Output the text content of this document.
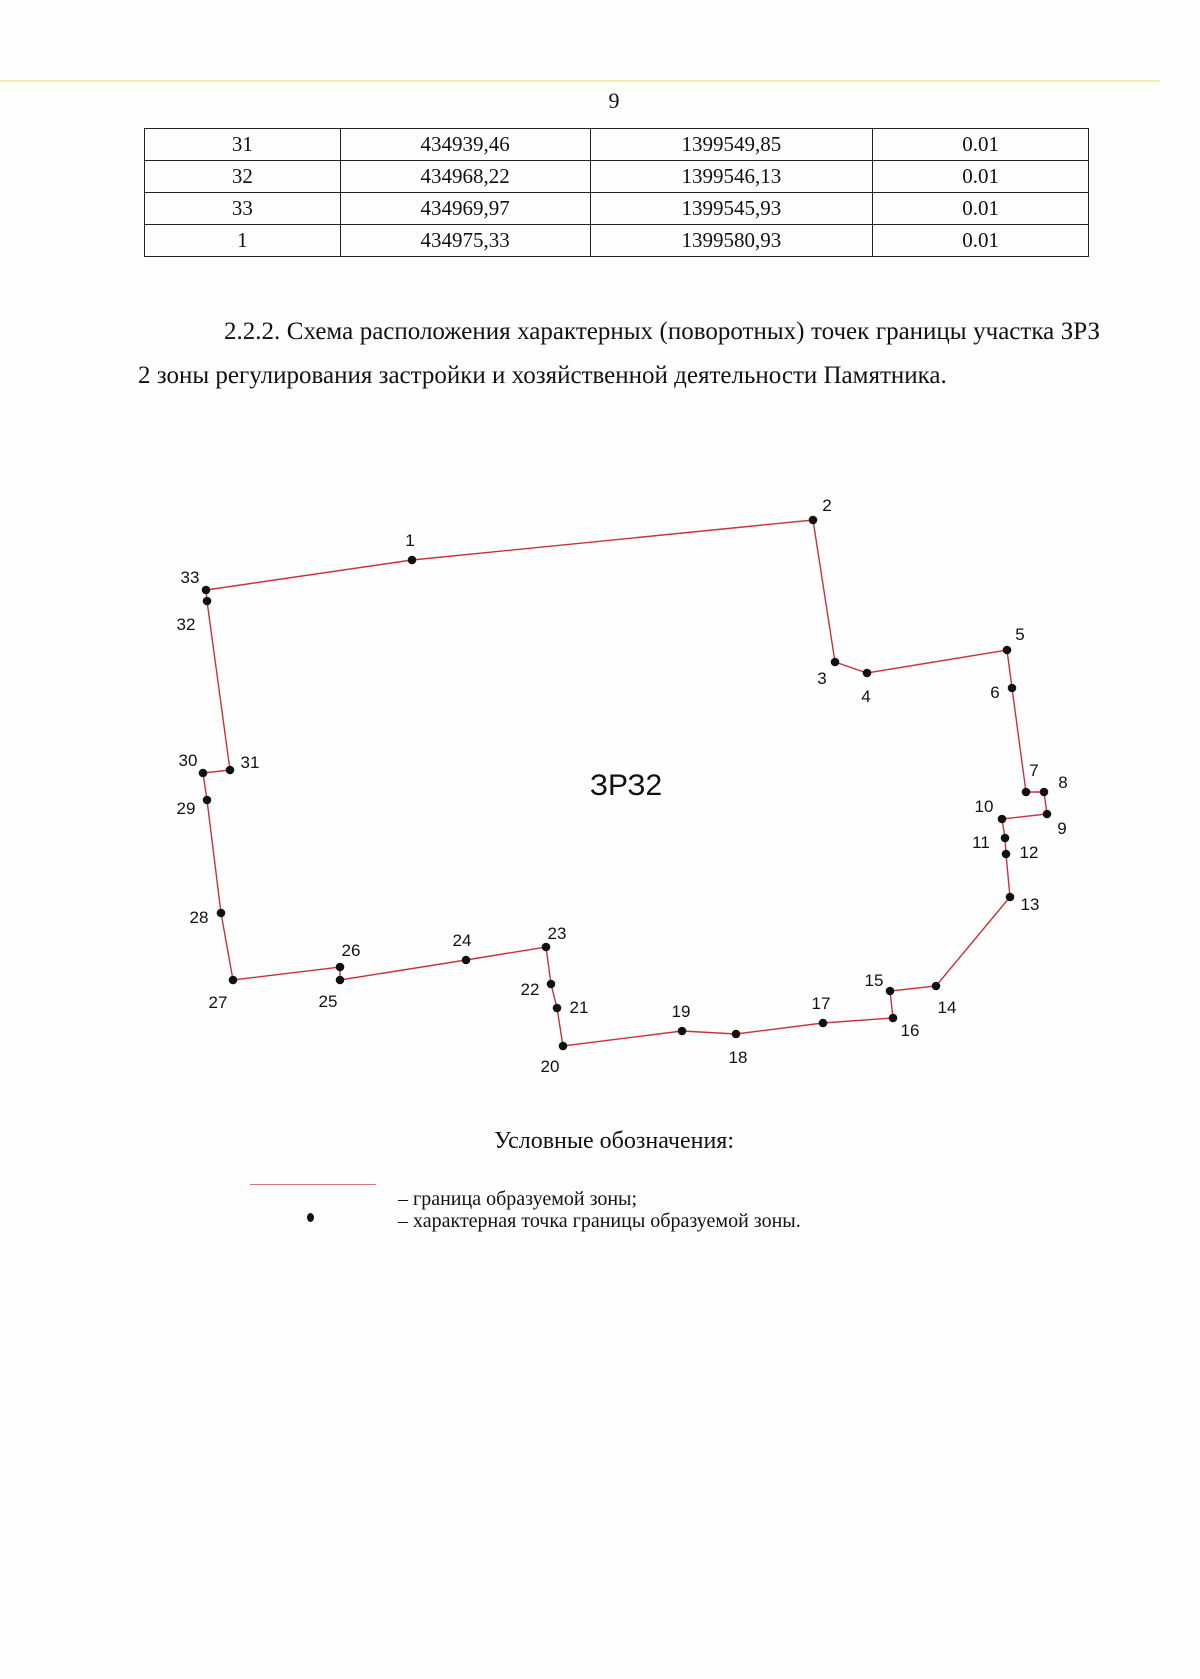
9
31	434939,46	1399549,85	0.01
32	434968,22	1399546,13	0.01
33	434969,97	1399545,93	0.01
1	434975,33	1399580,93	0.01
2.2.2. Схема расположения характерных (поворотных) точек границы участка ЗРЗ 2 зоны регулирования застройки и хозяйственной деятельности Памятника.
1
2
3
4
5
6
7
8
9
10
11
12
13
14
15
16
17
18
19
20
21
22
23
24
25
26
27
28
29
30	31
32
33
ЗРЗ2
Условные обозначения:
– граница образуемой зоны;
– характерная точка границы образуемой зоны.
